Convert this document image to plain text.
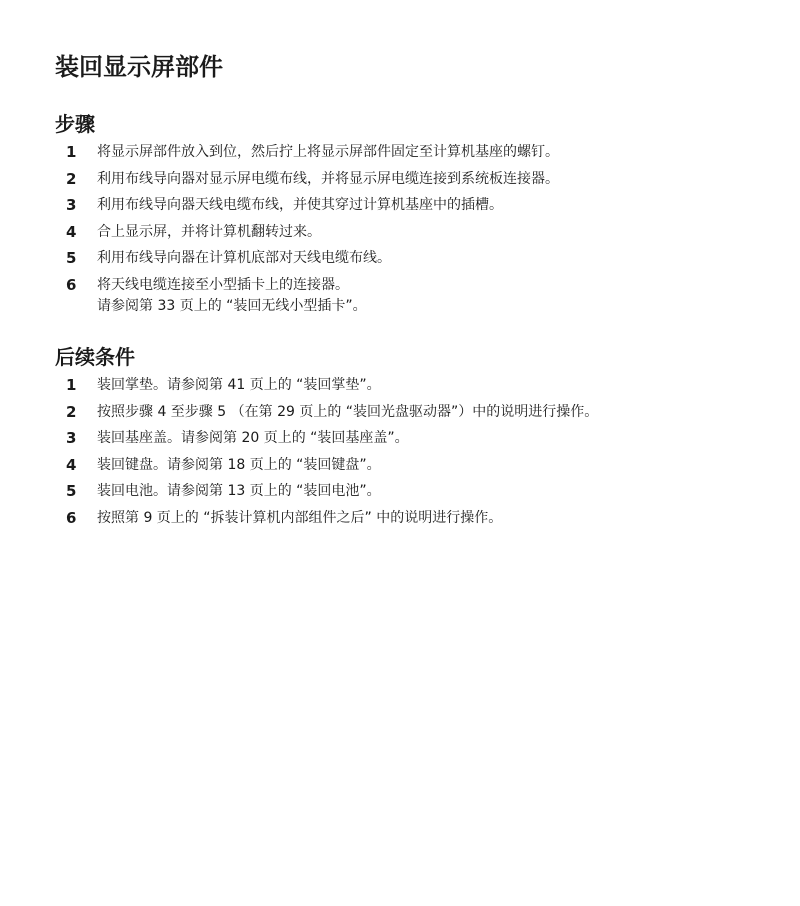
装回显示屏部件
步骤
1 将显示屏部件放入到位，然后拧上将显示屏部件固定至计算机基座的螺钉。
2 利用布线导向器对显示屏电缆布线，并将显示屏电缆连接到系统板连接器。
3 利用布线导向器天线电缆布线，并使其穿过计算机基座中的插槽。
4 合上显示屏，并将计算机翻转过来。
5 利用布线导向器在计算机底部对天线电缆布线。
6 将天线电缆连接至小型插卡上的连接器。
请参阅第 33 页上的 “装回无线小型插卡”。
后续条件
1 装回掌垫。请参阅第 41 页上的 “装回掌垫”。
2 按照步骤 4 至步骤 5 （在第 29 页上的 “装回光盘驱动器”）中的说明进行操作。
3 装回基座盖。请参阅第 20 页上的 “装回基座盖”。
4 装回键盘。请参阅第 18 页上的 “装回键盘”。
5 装回电池。请参阅第 13 页上的 “装回电池”。
6 按照第 9 页上的 “拆装计算机内部组件之后” 中的说明进行操作。
